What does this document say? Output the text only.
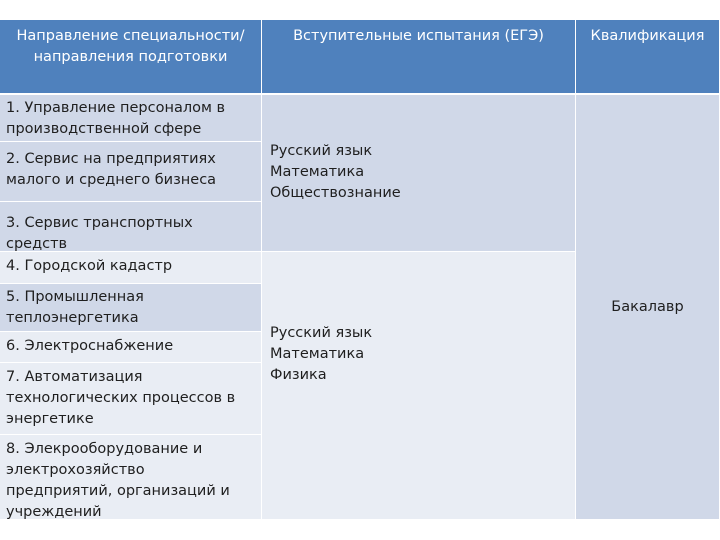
Направление специальности/направления подготовки
Вступительные испытания (ЕГЭ)	Квалификация
1. Управление персоналом в производственной сфере
2. Сервис на предприятиях малого и среднего бизнеса
3. Сервис транспортных средств
4. Городской кадастр
5. Промышленная теплоэнергетика
6. Электроснабжение
7. Автоматизация технологических процессов в энергетике
8. Элекрооборудование и электрохозяйство предприятий, организаций и учреждений
Русский язык
Математика
Обществознание
Русский язык
Математика
Физика
Бакалавр
